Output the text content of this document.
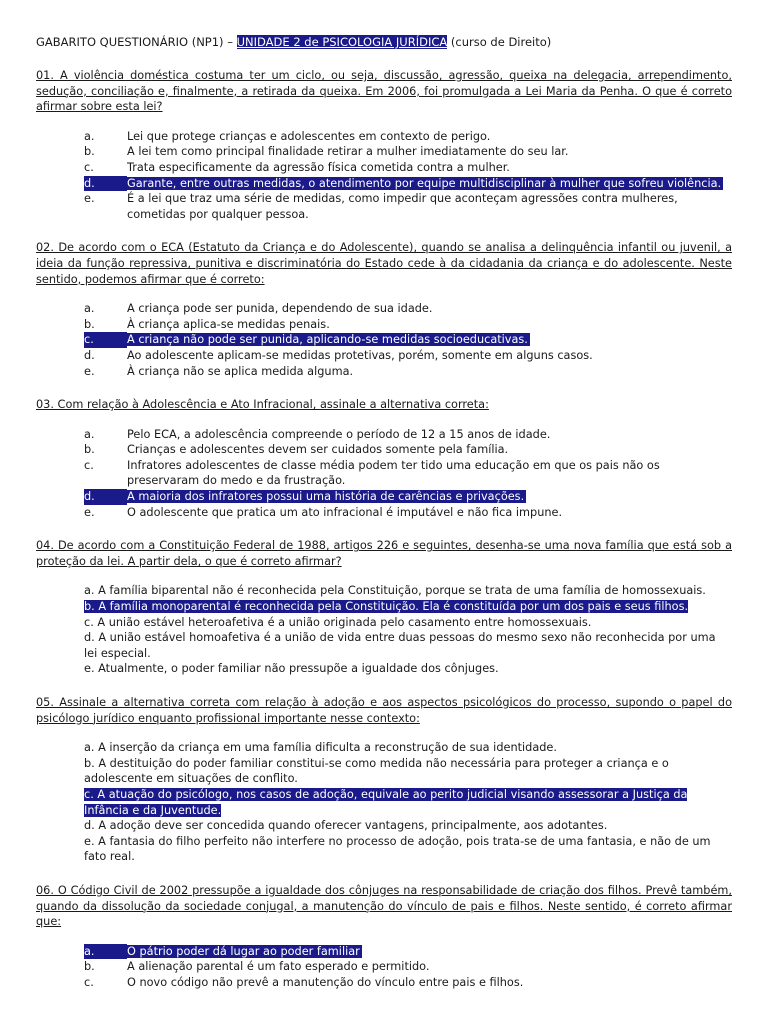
GABARITO QUESTIONÁRIO (NP1) – UNIDADE 2 de PSICOLOGIA JURÍDICA (curso de Direito)

01. A violência doméstica costuma ter um ciclo, ou seja, discussão, agressão, queixa na delegacia, arrependimento, sedução, conciliação e, finalmente, a retirada da queixa. Em 2006, foi promulgada a Lei Maria da Penha. O que é correto afirmar sobre esta lei?

a.	Lei que protege crianças e adolescentes em contexto de perigo.
b.	A lei tem como principal finalidade retirar a mulher imediatamente do seu lar.
c.	Trata especificamente da agressão física cometida contra a mulher.
d.	Garante, entre outras medidas, o atendimento por equipe multidisciplinar à mulher que sofreu violência.
e.	É a lei que traz uma série de medidas, como impedir que aconteçam agressões contra mulheres, cometidas por qualquer pessoa.

02. De acordo com o ECA (Estatuto da Criança e do Adolescente), quando se analisa a delinquência infantil ou juvenil, a ideia da função repressiva, punitiva e discriminatória do Estado cede à da cidadania da criança e do adolescente. Neste sentido, podemos afirmar que é correto:

a.	A criança pode ser punida, dependendo de sua idade.
b.	À criança aplica-se medidas penais.
c.	A criança não pode ser punida, aplicando-se medidas socioeducativas.
d.	Ao adolescente aplicam-se medidas protetivas, porém, somente em alguns casos.
e.	À criança não se aplica medida alguma.

03. Com relação à Adolescência e Ato Infracional, assinale a alternativa correta:

a.	Pelo ECA, a adolescência compreende o período de 12 a 15 anos de idade.
b.	Crianças e adolescentes devem ser cuidados somente pela família.
c.	Infratores adolescentes de classe média podem ter tido uma educação em que os pais não os preservaram do medo e da frustração.
d.	A maioria dos infratores possui uma história de carências e privações.
e.	O adolescente que pratica um ato infracional é imputável e não fica impune.

04. De acordo com a Constituição Federal de 1988, artigos 226 e seguintes, desenha-se uma nova família que está sob a proteção da lei. A partir dela, o que é correto afirmar?

a. A família biparental não é reconhecida pela Constituição, porque se trata de uma família de homossexuais.
b. A família monoparental é reconhecida pela Constituição. Ela é constituída por um dos pais e seus filhos.
c. A união estável heteroafetiva é a união originada pelo casamento entre homossexuais.
d. A união estável homoafetiva é a união de vida entre duas pessoas do mesmo sexo não reconhecida por uma lei especial.
e. Atualmente, o poder familiar não pressupõe a igualdade dos cônjuges.

05. Assinale a alternativa correta com relação à adoção e aos aspectos psicológicos do processo, supondo o papel do psicólogo jurídico enquanto profissional importante nesse contexto:

a. A inserção da criança em uma família dificulta a reconstrução de sua identidade.
b. A destituição do poder familiar constitui-se como medida não necessária para proteger a criança e o adolescente em situações de conflito.
c. A atuação do psicólogo, nos casos de adoção, equivale ao perito judicial visando assessorar a Justiça da Infância e da Juventude.
d. A adoção deve ser concedida quando oferecer vantagens, principalmente, aos adotantes.
e. A fantasia do filho perfeito não interfere no processo de adoção, pois trata-se de uma fantasia, e não de um fato real.

06. O Código Civil de 2002 pressupõe a igualdade dos cônjuges na responsabilidade de criação dos filhos. Prevê também, quando da dissolução da sociedade conjugal, a manutenção do vínculo de pais e filhos. Neste sentido, é correto afirmar que:

a.	O pátrio poder dá lugar ao poder familiar
b.	A alienação parental é um fato esperado e permitido.
c.	O novo código não prevê a manutenção do vínculo entre pais e filhos.
